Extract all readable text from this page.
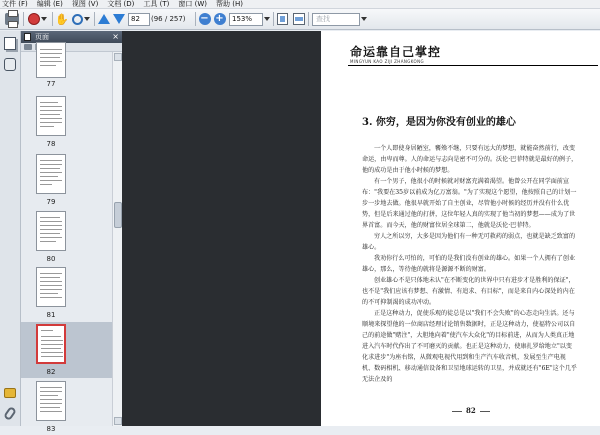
文件 (F) 编辑 (E) 视图 (V) 文档 (D) 工具 (T) 窗口 (W) 帮助 (H)
✋	82	(96 / 257) − +	153%	查找
页面	×
77
78
79
80
81
82
83
命运靠自己掌控
MINGYUN KAO ZIJI ZHANGKONG
3. 你穷，是因为你没有创业的雄心

一个人即使身居陋室，饔飧不继，只要有远大的梦想，就能奋然前行，改变命运，由卑而尊。人的命运与志向是密不可分的。沃伦·巴菲特就是最好的例子，他的成功是由于他小时候的梦想。

有一个男子，他很小的时候就对财富充满着渴望。他曾公开在同学面前宣布："我要在35岁以前成为亿万富翁。"为了实现这个愿望，他按照自己的计划一步一步地去做。他很早就开始了自主创业，尽管他小时候的经历并没有什么优势，但是后来通过他的打拼，这位年轻人真的实现了他当初的梦想——成为了世界首富。而今天，他的财富位居全球第二，他就是沃伦·巴菲特。

穷人之所以穷，大多是因为他们有一种无可救药的弱点，也就是缺乏致富的雄心。

我劝你行么可怕的，可怕的是我们没有创业的雄心。如果一个人拥有了创业雄心，那么，等待他的就将是源源不断的财富。

创业雄心不是只体地未认"在不断变化的世界中只有进步才是胜利的保证"，也不是"我们应该有梦想、有激情、有追求、有目标"，而是来自内心深处的内在的不可抑制渴的成功冲动。

正是这种动力，促使乐观的徒总是以"我们不会失败"的心态走向生活。还与顺境来探望他的一位商店经理讨论销售数据时，正是这种动力，使福特公司以自己的前途做"赌注"，大胆地向着"使汽车大众化"的目标前进，从而为人类真正地进入汽车时代作出了不可磨灭的贡献。也正是这种动力，使康扎罗给地立"以变化求进步"为座右铭，从微观电视代用到和生产汽车收音机，发展至生产电视机、数码相机、移动通信设备和卫星地球运转的卫星，并成就还有"6E"这个几乎无法企及的

82
